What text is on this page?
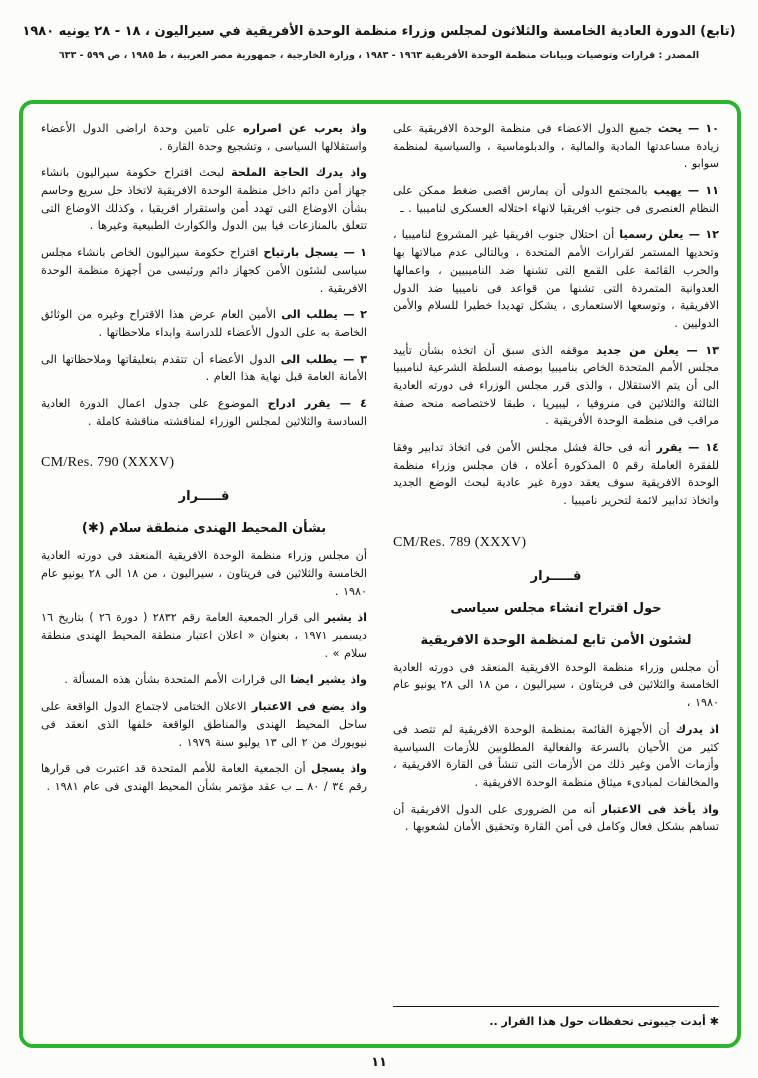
(تابع) الدورة العادية الخامسة والثلاثون لمجلس وزراء منظمة الوحدة الأفريقية في سيراليون ، ١٨ - ٢٨ يونيه ١٩٨٠
المصدر : قرارات وتوصيات وبيانات منظمة الوحدة الأفريقية ١٩٦٣ - ١٩٨٣ ، وزارة الخارجية ، جمهورية مصر العربية ، ط ١٩٨٥ ، ص ٥٩٩ - ٦٣٣

١٠ — يحث جميع الدول الاعضاء فى منظمة الوحدة الافريقية على زيادة مساعدتها المادية والمالية ، والدبلوماسية ، والسياسية لمنظمة سوابو .

١١ — يهيب بالمجتمع الدولى أن يمارس اقصى ضغط ممكن على النظام العنصرى فى جنوب افريقيا لانهاء احتلاله العسكرى لناميبيا . ـ

١٢ — يعلن رسميا أن احتلال جنوب افريقيا غير المشروع لناميبيا ، وتحديها المستمر لقرارات الأمم المتحدة ، وبالتالى عدم مبالاتها بها والحرب القائمة على القمع التى تشنها ضد الناميبيين ، واعمالها العدوانية المتمردة التى تشنها من قواعد فى ناميبيا ضد الدول الافريقية ، وتوسعها الاستعمارى ، يشكل تهديدا خطيرا للسلام والأمن الدوليين .

١٣ — يعلن من جديد موقفه الذى سبق أن اتخذه بشأن تأييد مجلس الأمم المتحدة الخاص بناميبيا بوصفه السلطة الشرعية لناميبيا الى أن يتم الاستقلال ، والذى قرر مجلس الوزراء فى دورته العادية الثالثة والثلاثين فى منروفيا ، ليبيريا ، طبقا لاختصاصه منحه صفة مراقب فى منظمة الوحدة الأفريقية .

١٤ — يقرر أنه فى حالة فشل مجلس الأمن فى اتخاذ تدابير وفقا للفقرة العاملة رقم ٥ المذكورة أعلاه ، فان مجلس وزراء منظمة الوحدة الافريقية سوف يعقد دورة غير عادية لبحث الوضع الجديد واتخاذ تدابير لائمة لتحرير ناميبيا .

CM/Res. 789 (XXXV)
قـــــرار
حول اقتراح انشاء مجلس سياسى
لشئون الأمن تابع لمنظمة الوحدة الافريقية

أن مجلس وزراء منظمة الوحدة الافريقية المنعقد فى دورته العادية الخامسة والثلاثين فى فريتاون ، سيراليون ، من ١٨ الى ٢٨ يونيو عام ١٩٨٠ ،

اذ يدرك أن الأجهزة القائمة بمنظمة الوحدة الافريقية لم تتصد فى كثير من الأحيان بالسرعة والفعالية المطلوبين للأزمات السياسية وأزمات الأمن وغير ذلك من الأزمات التى تنشأ فى القارة الافريقية ، والمخالفات لمبادىء ميثاق منظمة الوحدة الافريقية .

واذ يأخذ فى الاعتبار أنه من الضرورى على الدول الافريقية أن تساهم بشكل فعال وكامل فى أمن القارة وتحقيق الأمان لشعوبها .

✱أبدت جيبوتى تحفظات حول هذا القرار ..

واذ يعرب عن اصراره على تامين وحدة اراضى الدول الأعضاء واستقلالها السياسى ، وتشجيع وحدة القارة .

واذ يدرك الحاجة الملحة لبحث اقتراح حكومة سيراليون بانشاء جهاز أمن دائم داخل منظمة الوحدة الافريقية لاتخاذ حل سريع وحاسم بشأن الاوضاع التى تهدد أمن واستقرار افريقيا ، وكذلك الاوضاع التى تتعلق بالمنازعات فيا بين الدول والكوارث الطبيعية وغيرها .

١ — يسجل بارتياح اقتراح حكومة سيراليون الخاص بانشاء مجلس سياسى لشئون الأمن كجهاز دائم ورئيسى من أجهزة منظمة الوحدة الافريقية .

٢ — يطلب الى الأمين العام عرض هذا الاقتراح وغيره من الوثائق الخاصة به على الدول الأعضاء للدراسة وابداء ملاحظاتها .

٣ — يطلب الى الدول الأعضاء أن تتقدم بتعليقاتها وملاحظاتها الى الأمانة العامة قبل نهاية هذا العام .

٤ — يقرر ادراج الموضوع على جدول اعمال الدورة العادية السادسة والثلاثين لمجلس الوزراء لمناقشته مناقشة كاملة .

CM/Res. 790 (XXXV)
قـــــرار
بشأن المحيط الهندى منطقة سلام (✱)

أن مجلس وزراء منظمة الوحدة الافريقية المنعقد فى دورته العادية الخامسة والثلاثين فى فريتاون ، سيراليون ، من ١٨ الى ٢٨ يونيو عام ١٩٨٠ .

اذ يشير الى قرار الجمعية العامة رقم ٢٨٣٢ ( دورة ٢٦ ) بتاريخ ١٦ ديسمبر ١٩٧١ ، بعنوان « اعلان اعتبار منطقة المحيط الهندى منطقة سلام » .

واذ يشير ايضا الى قرارات الأمم المتحدة بشأن هذه المسألة .

واذ يضع فى الاعتبار الاعلان الختامى لاجتماع الدول الواقعة على ساحل المحيط الهندى والمناطق الواقعة خلفها الذى انعقد فى نيويورك من ٢ الى ١٣ يوليو سنة ١٩٧٩ .

واذ يسجل أن الجمعية العامة للأمم المتحدة قد اعتبرت فى قرارها رقم ٣٤ / ٨٠ ــ ب عقد مؤتمر بشأن المحيط الهندى فى عام ١٩٨١ .

١١
